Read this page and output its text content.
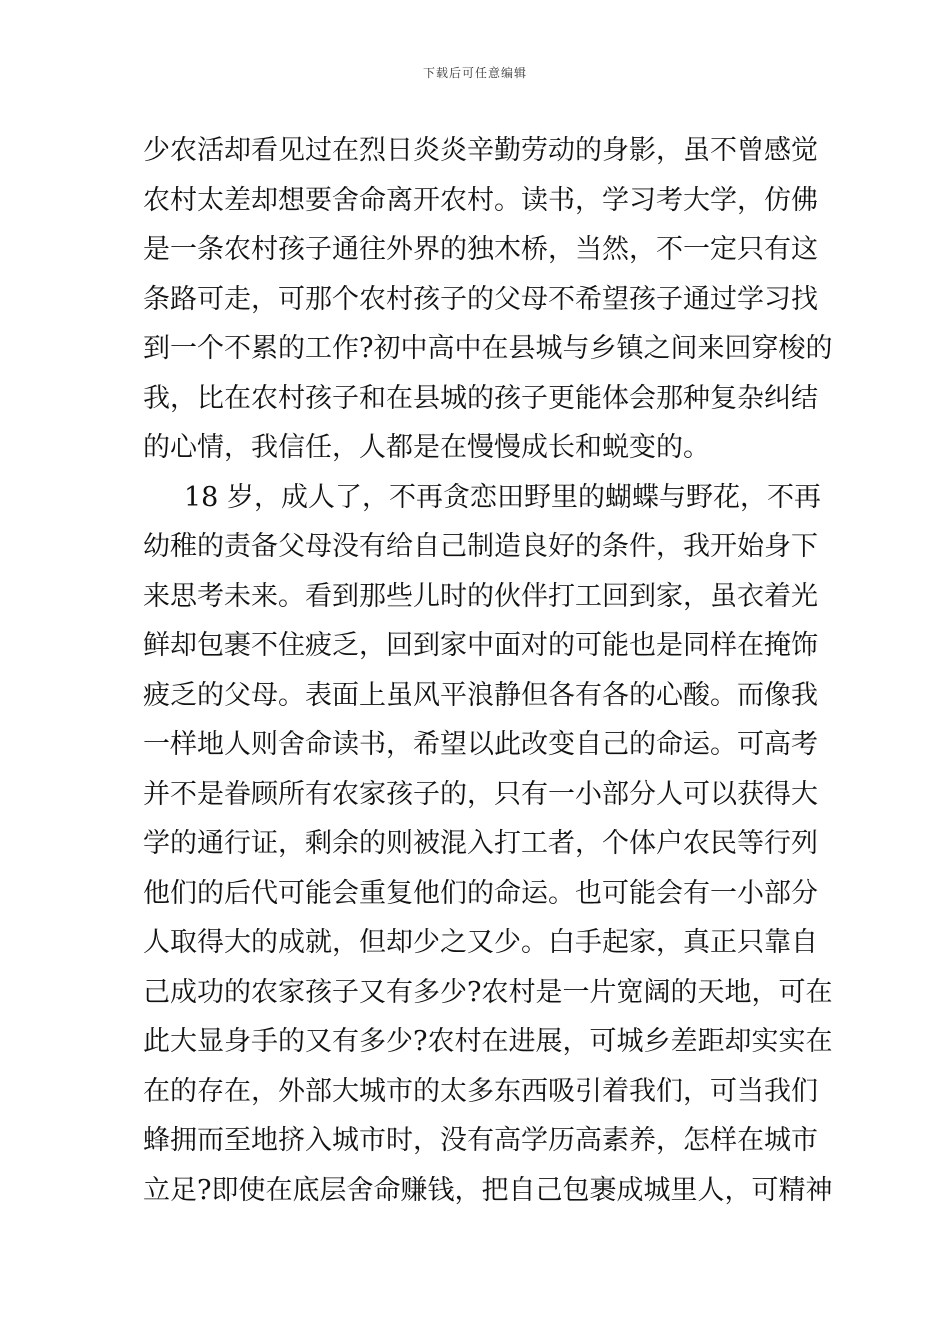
下载后可任意编辑
少农活却看见过在烈日炎炎辛勤劳动的身影，虽不曾感觉
农村太差却想要舍命离开农村。读书，学习考大学，仿佛
是一条农村孩子通往外界的独木桥，当然，不一定只有这
条路可走，可那个农村孩子的父母不希望孩子通过学习找
到一个不累的工作?初中高中在县城与乡镇之间来回穿梭的
我，比在农村孩子和在县城的孩子更能体会那种复杂纠结
的心情，我信任，人都是在慢慢成长和蜕变的。
18 岁，成人了，不再贪恋田野里的蝴蝶与野花，不再
幼稚的责备父母没有给自己制造良好的条件，我开始身下
来思考未来。看到那些儿时的伙伴打工回到家，虽衣着光
鲜却包裹不住疲乏，回到家中面对的可能也是同样在掩饰
疲乏的父母。表面上虽风平浪静但各有各的心酸。而像我
一样地人则舍命读书，希望以此改变自己的命运。可高考
并不是眷顾所有农家孩子的，只有一小部分人可以获得大
学的通行证，剩余的则被混入打工者，个体户农民等行列
他们的后代可能会重复他们的命运。也可能会有一小部分
人取得大的成就，但却少之又少。白手起家，真正只靠自
己成功的农家孩子又有多少?农村是一片宽阔的天地，可在
此大显身手的又有多少?农村在进展，可城乡差距却实实在
在的存在，外部大城市的太多东西吸引着我们，可当我们
蜂拥而至地挤入城市时，没有高学历高素养，怎样在城市
立足?即使在底层舍命赚钱，把自己包裹成城里人，可精神
